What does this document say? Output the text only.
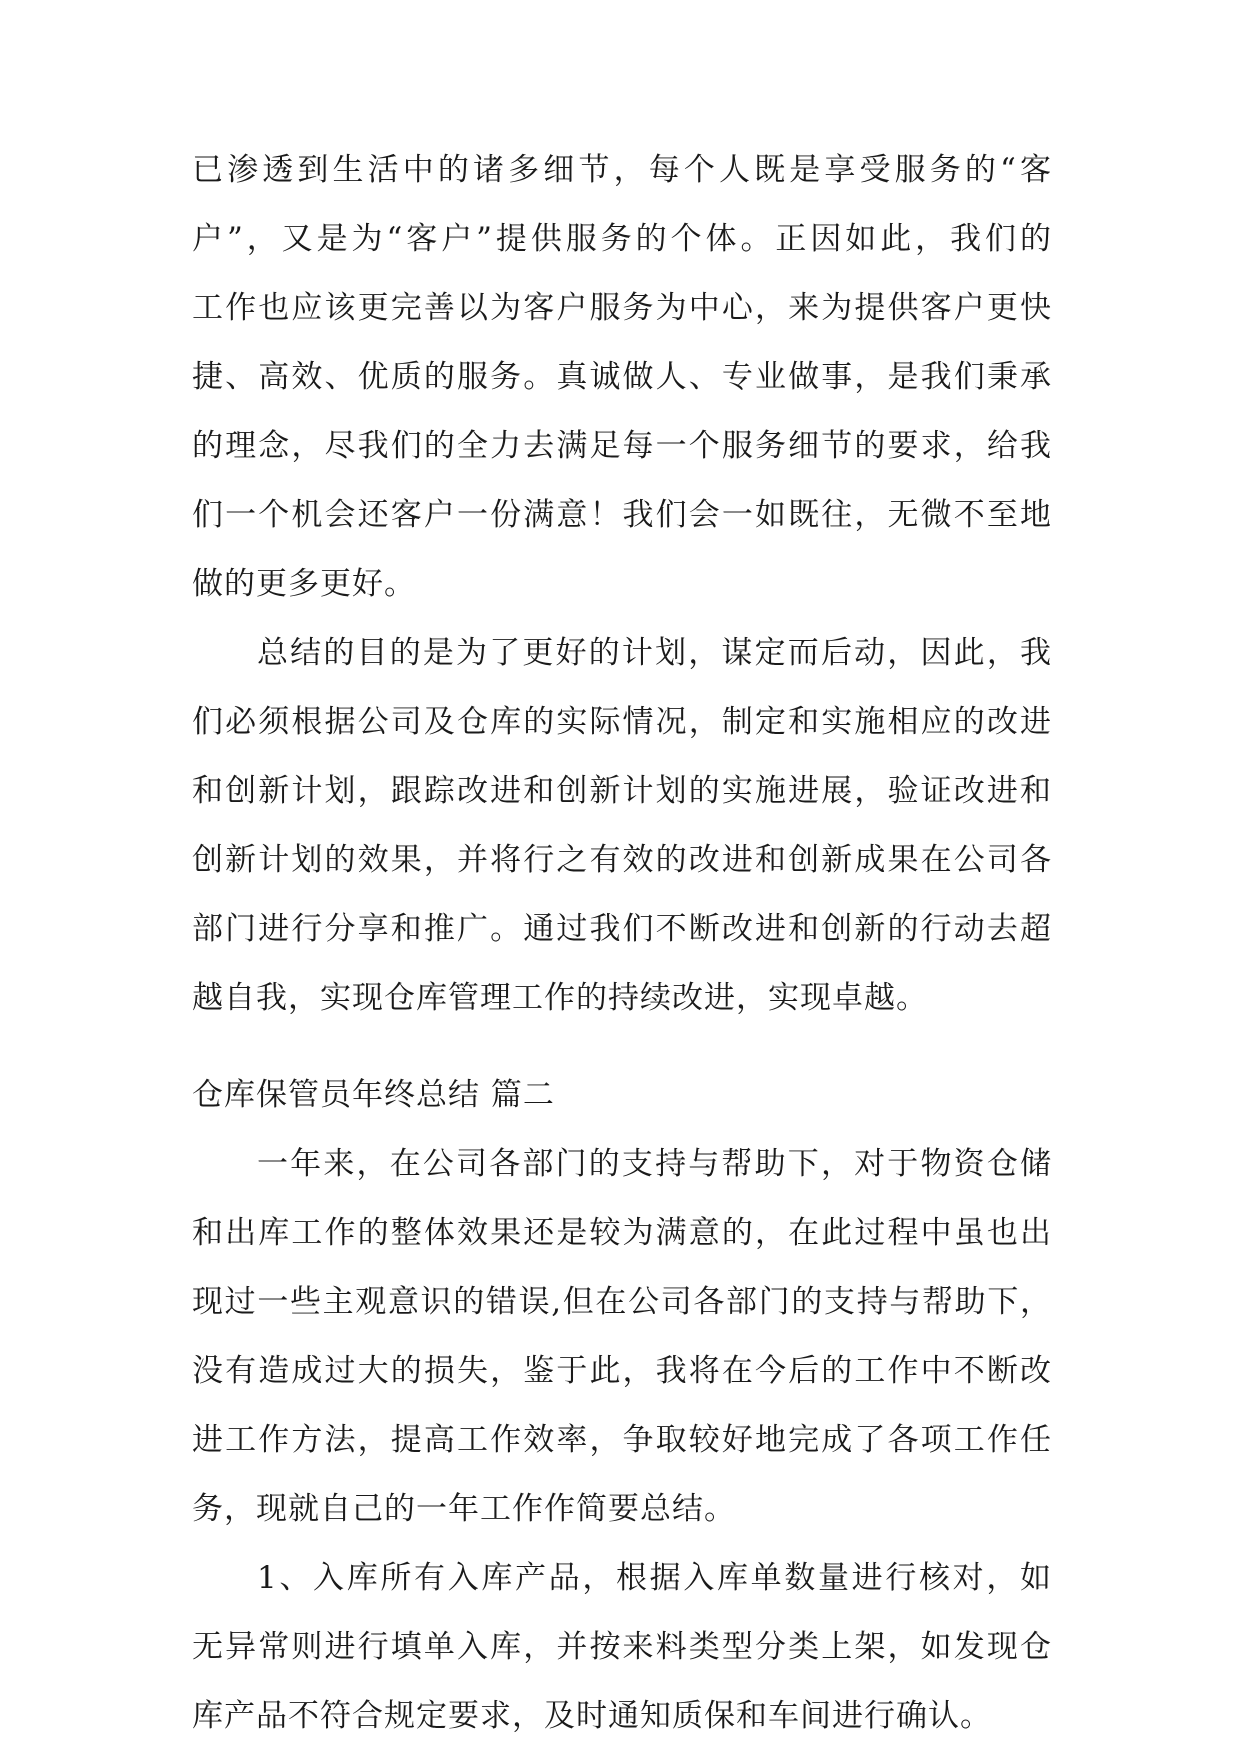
已渗透到生活中的诸多细节，每个人既是享受服务的“客
户”，又是为“客户”提供服务的个体。正因如此，我们的
工作也应该更完善以为客户服务为中心，来为提供客户更快
捷、高效、优质的服务。真诚做人、专业做事，是我们秉承
的理念，尽我们的全力去满足每一个服务细节的要求，给我
们一个机会还客户一份满意！我们会一如既往，无微不至地
做的更多更好。
总结的目的是为了更好的计划，谋定而后动，因此，我
们必须根据公司及仓库的实际情况，制定和实施相应的改进
和创新计划，跟踪改进和创新计划的实施进展，验证改进和
创新计划的效果，并将行之有效的改进和创新成果在公司各
部门进行分享和推广。通过我们不断改进和创新的行动去超
越自我，实现仓库管理工作的持续改进，实现卓越。
仓库保管员年终总结 篇二
一年来，在公司各部门的支持与帮助下，对于物资仓储
和出库工作的整体效果还是较为满意的，在此过程中虽也出
现过一些主观意识的错误,但在公司各部门的支持与帮助下，
没有造成过大的损失，鉴于此，我将在今后的工作中不断改
进工作方法，提高工作效率，争取较好地完成了各项工作任
务，现就自己的一年工作作简要总结。
1、入库所有入库产品，根据入库单数量进行核对，如
无异常则进行填单入库，并按来料类型分类上架，如发现仓
库产品不符合规定要求，及时通知质保和车间进行确认。
